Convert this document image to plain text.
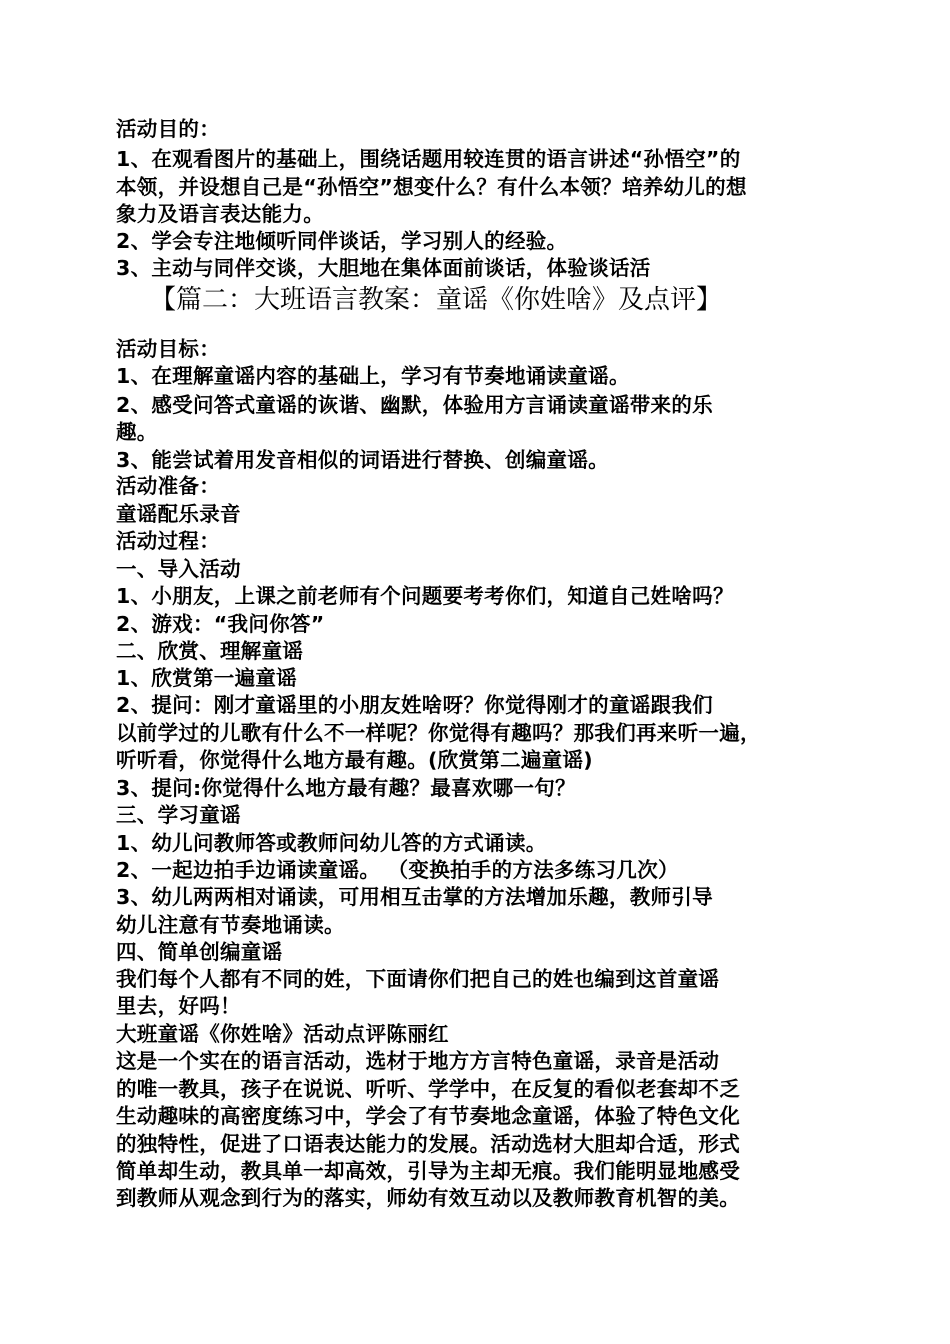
活动目的：
1、在观看图片的基础上，围绕话题用较连贯的语言讲述“孙悟空”的
本领，并设想自己是“孙悟空”想变什么？有什么本领？培养幼儿的想
象力及语言表达能力。
2、学会专注地倾听同伴谈话，学习别人的经验。
3、主动与同伴交谈，大胆地在集体面前谈话，体验谈话活
【篇二：大班语言教案：童谣《你姓啥》及点评】
活动目标：
1、在理解童谣内容的基础上，学习有节奏地诵读童谣。
2、感受问答式童谣的诙谐、幽默，体验用方言诵读童谣带来的乐
趣。
3、能尝试着用发音相似的词语进行替换、创编童谣。
活动准备：
童谣配乐录音
活动过程：
一、导入活动
1、小朋友，上课之前老师有个问题要考考你们，知道自己姓啥吗？
2、游戏：“我问你答”
二、欣赏、理解童谣
1、欣赏第一遍童谣
2、提问：刚才童谣里的小朋友姓啥呀？你觉得刚才的童谣跟我们
以前学过的儿歌有什么不一样呢？你觉得有趣吗？那我们再来听一遍，
听听看，你觉得什么地方最有趣。(欣赏第二遍童谣)
3、提问:你觉得什么地方最有趣？最喜欢哪一句？
三、学习童谣
1、幼儿问教师答或教师问幼儿答的方式诵读。
2、一起边拍手边诵读童谣。 （变换拍手的方法多练习几次）
3、幼儿两两相对诵读，可用相互击掌的方法增加乐趣，教师引导
幼儿注意有节奏地诵读。
四、简单创编童谣
我们每个人都有不同的姓，下面请你们把自己的姓也编到这首童谣
里去，好吗！
大班童谣《你姓啥》活动点评陈丽红
这是一个实在的语言活动，选材于地方方言特色童谣，录音是活动
的唯一教具，孩子在说说、听听、学学中，在反复的看似老套却不乏
生动趣味的高密度练习中，学会了有节奏地念童谣，体验了特色文化
的独特性，促进了口语表达能力的发展。活动选材大胆却合适，形式
简单却生动，教具单一却高效，引导为主却无痕。我们能明显地感受
到教师从观念到行为的落实，师幼有效互动以及教师教育机智的美。
